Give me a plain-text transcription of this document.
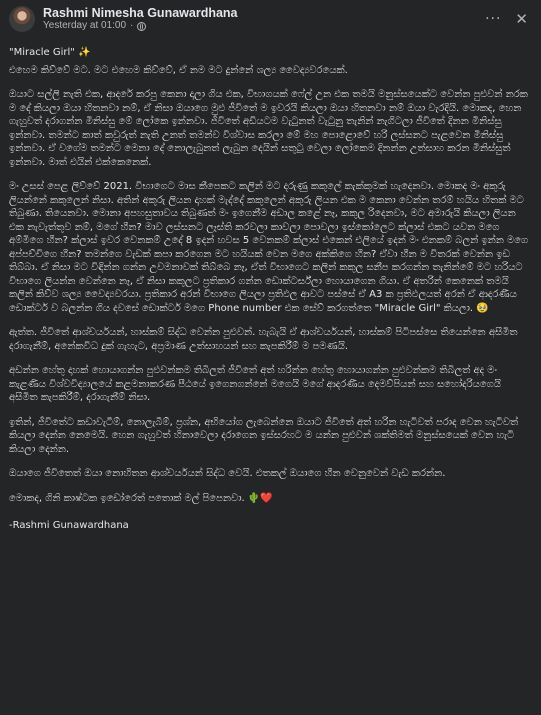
Rashmi Nimesha Gunawardhana
Yesterday at 01:00 ·	··· ✕

"Miracle Girl" ✨

එහෙම කිව්වේ මට. මට එහෙම කිව්වේ, ඒ නම මට දුන්නේ ශල්‍ය වෛද්‍යවරයෙක්.

ඔයාට සල්ලි නැති එක, ආදරේ කරපු කෙනා දාලා ගිය එක, විභාගයක් ෆේල් උන එක තමයි මනුස්සයෙක්ට වෙන්න පුළුවන් නරක ම දේ කියලා ඔයා හිතනවා නම්, ඒ නිසා ඔයාගෙ මුළු ජීවිතේ ම ඉවරයි කියලා ඔයා හිතනවා නම් ඔයා වැරදියි. මොකද, හෙන ගැහුවත් දරාගන්න මිනිස්සු මේ ලෝකෙ ඉන්නවා. ජීවිතේ අඩියටම වැටුනත් වැටුනු තැනින් නැගිටලා ජීවිතේ දිනන මිනිස්සු ඉන්නවා. තමන්ට කාත් කවුරුත් නැති උනත් තමන්ව විශ්වාස කරලා මේ මහ පොළොවේ හරි ලස්සනට පැළවෙන මිනිස්සු ඉන්නවා. ඒ වගේම තමන්ට මෙනා දේ නොලැබුනත් ලැබුන දෙයින් සතුටු වෙලා ලෝකෙම දිනන්න උත්සාහ කරන මිනිස්සුත් ඉන්නවා. මාත් එයින් එක්කෙනෙක්.

මං උසස් පෙළ ලිව්වේ 2021. විභාගෙට මාස කීපෙකට කලින් මට දරුණු කකුලේ කැක්කුමක් හැදෙනවා. මොකද මං අකුරු ලියන්නේ කකුලෙන් නිසා. අතින් අකුරු ලියන දාහක් මැද්දේ කකුලෙන් අකුරු ලියන එක ම කෙනා වෙන්න තරම් හයිය හිතක් මට තිබුණා. තියෙනවා. මොනා අපහසුතාවය තිබුණත් මං ඉගෙනීම අඩාල කළේ නෑ, කකුල රිදෙනවා, මට අමාරුයි කියලා ලියන එක නැවැත්තුව නම්, මගේ හීන? මාව ලස්සනට ලෑස්ති කරවලා කාවලා පොවලා ඉස්කෝලෙට ක්ලාස් එකට යවන මගෙ අම්මිගෙ හීන? ක්ලාස් ඉවර වෙනකම් උදේ 8 ඉදන් හවස 5 වෙනකම් ක්ලාස් එකෙන් එලියේ ඉදන් මං එනකම් බලන් ඉන්න මගෙ අප්පච්චිගෙ හීන? තමන්ගෙ වැඩක් කපා කරගෙන මට හයියක් වෙන මගෙ අක්කිගෙ හීන? ඒවා හීන ම විතරක් වෙන්න ඉඩ තිබ්බා. ඒ නිසා මට විඳින්න ගන්න උවමනාවක් තිබ්බෙ නෑ, ඒත් විභාගෙට කලින් කකුල සනීප කරගන්න තැනින්මේ මට හරියට විභාගෙ ලියන්න වෙන්නෙ නෑ, ඒ නිසා කකුලට ප්‍රතිකාර ගන්න ඩොක්ටර්ස්ලා හොයාගෙන ගියා. ඒ අතරින් කෙනෙක් තමයි කලින් කිව්ව ශල්‍ය වෛද්‍යවරයා. ප්‍රතිකාර අරන් විභාගෙ ලියලා ප්‍රතිඵල ආවට පස්සේ ඒ A3 ක ප්‍රතිඵලයත් අරන් ඒ ආදරණීය ඩොක්ටර් ව බලන්න ගිය දවසේ ඩොක්ටර් මගෙ Phone number එක සේව් කරගත්තෙ "Miracle Girl" කියලා. 🥹

ඇත්ත. ජීවිතේ ආශ්චර්යයන්, හාස්කම් සිද්ධ වෙන්න පුළුවන්. හැබැයි ඒ ආශ්චර්යයන්, හාස්කම් පිටිපස්සෙ තියෙන්නෙ අසීමිත දරාගැනීම්, අනේකවිධ දුක් ගැහැට, අප්‍රමාණ උත්සාහයන් සහ කැපකිරීම් ම පමණයි.

අඩන්න හේතු දාහක් හොයාගන්න පුළුවන්කම තිබිලත් ජීවිතේ අත් හරින්න හේතු හොයාගන්න පුළුවන්කම තිබිලත් අද මං කැළණිය විශ්වවිද්‍යාලයේ කළමනාකරණ පීඨයේ ඉගෙනගන්නේ මගෙයි මගේ ආදරණීය දෙමව්පියන් සහ සහෝදරියගෙයි අසීමිත කැපකිරීම්, දරාගැනීම් නිසා.

ඉතින්, ජීවිතේට කඩාවැටීම්, නොලැබීම්, ප්‍රශ්න, අභියෝග ලැබෙන්නෙ ඔයාට ජීවිතේ අත් හරින හැටිවත් පරාද වෙන හැටිවත් කියලා දෙන්න නෙමෙයි. හෙන ගැහුවත් හිනාවෙලා දරාගෙන ඉස්සරහට ම යන්න පුළුවන් ශක්තිමත් මනුස්සයෙක් වෙන හැටි කියලා දෙන්න.

ඔයාගෙ ජීවිතෙත් ඔයා නොහිතන ආශ්චර්යයන් සිද්ධ වෙයි. එතකල් ඔයාගෙ හීන වෙනුවෙන් වැඩ කරන්න.

මොකද, ගිනි කාෂ්ටක ඉඩෝරෙත් පතොක් මල් පිපෙනවා. 🌵❤️

-Rashmi Gunawardhana
